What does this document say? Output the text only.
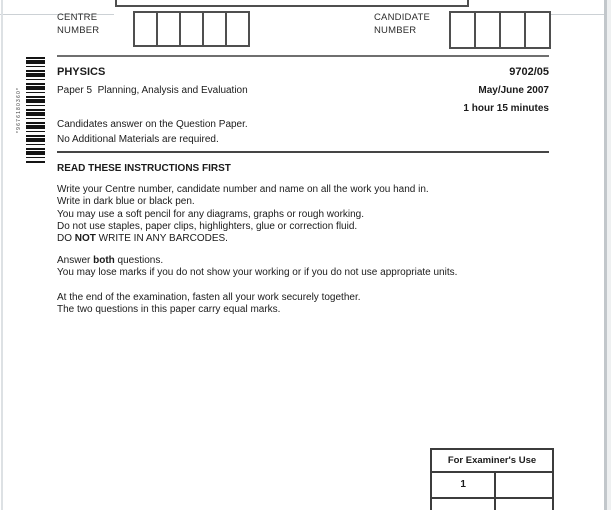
CENTRE
NUMBER
CANDIDATE
NUMBER
*9676180360*
PHYSICS	9702/05
Paper 5  Planning, Analysis and Evaluation	May/June 2007
1 hour 15 minutes
Candidates answer on the Question Paper.
No Additional Materials are required.
READ THESE INSTRUCTIONS FIRST
Write your Centre number, candidate number and name on all the work you hand in.
Write in dark blue or black pen.
You may use a soft pencil for any diagrams, graphs or rough working.
Do not use staples, paper clips, highlighters, glue or correction fluid.
DO NOT WRITE IN ANY BARCODES.
Answer both questions.
You may lose marks if you do not show your working or if you do not use appropriate units.
At the end of the examination, fasten all your work securely together.
The two questions in this paper carry equal marks.
For Examiner's Use
1
